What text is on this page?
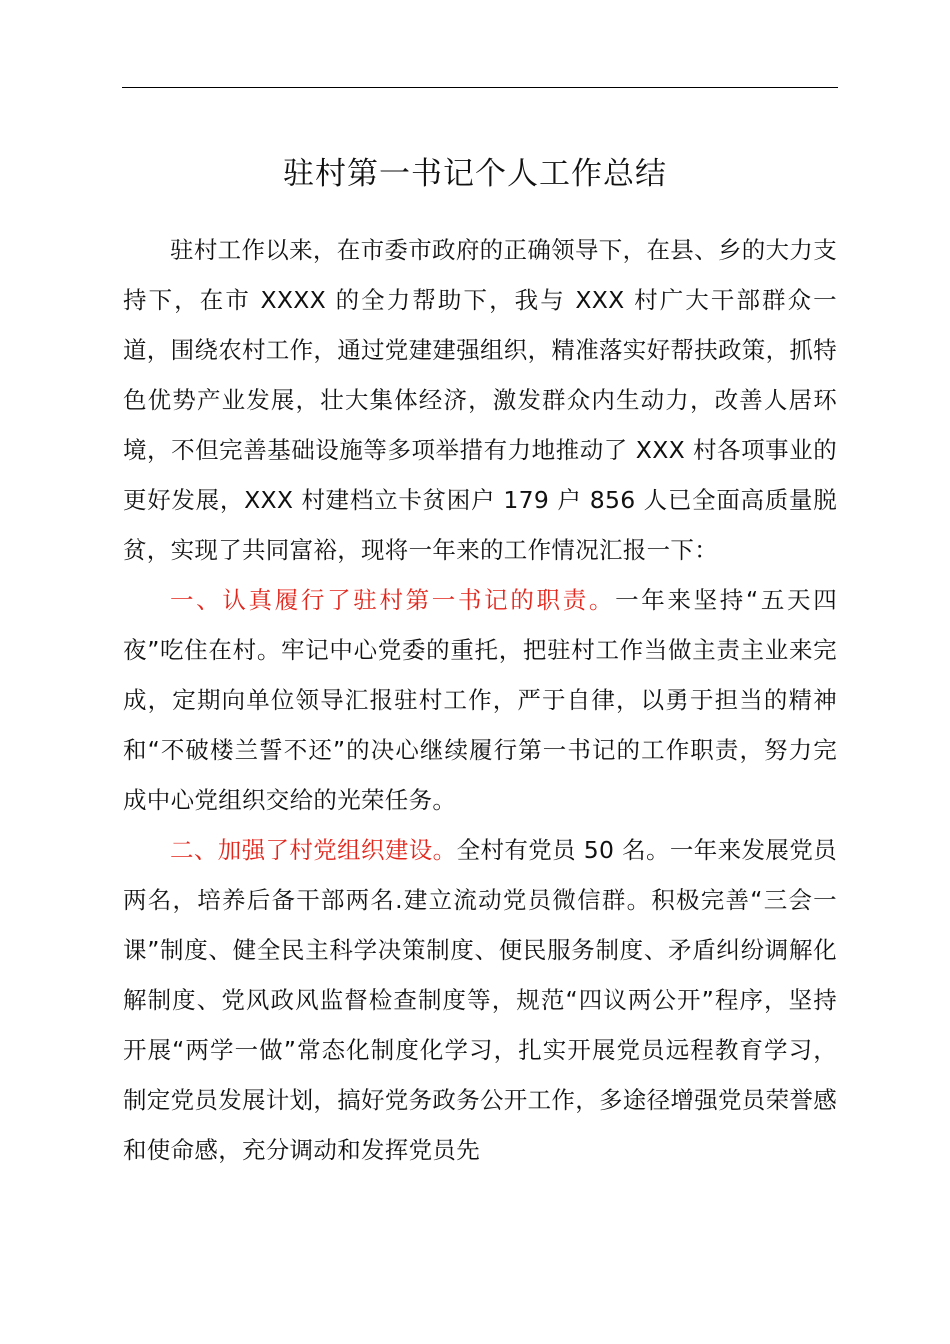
驻村第一书记个人工作总结

驻村工作以来，在市委市政府的正确领导下，在县、乡的大力支持下，在市 XXXX 的全力帮助下，我与 XXX 村广大干部群众一道，围绕农村工作，通过党建建强组织，精准落实好帮扶政策，抓特色优势产业发展，壮大集体经济，激发群众内生动力，改善人居环境，不但完善基础设施等多项举措有力地推动了 XXX 村各项事业的更好发展，XXX 村建档立卡贫困户 179 户 856 人已全面高质量脱贫，实现了共同富裕，现将一年来的工作情况汇报一下：

一、认真履行了驻村第一书记的职责。一年来坚持“五天四夜”吃住在村。牢记中心党委的重托，把驻村工作当做主责主业来完成，定期向单位领导汇报驻村工作，严于自律，以勇于担当的精神和“不破楼兰誓不还”的决心继续履行第一书记的工作职责，努力完成中心党组织交给的光荣任务。

二、加强了村党组织建设。全村有党员 50 名。一年来发展党员两名，培养后备干部两名.建立流动党员微信群。积极完善“三会一课”制度、健全民主科学决策制度、便民服务制度、矛盾纠纷调解化解制度、党风政风监督检查制度等，规范“四议两公开”程序，坚持开展“两学一做”常态化制度化学习，扎实开展党员远程教育学习，制定党员发展计划，搞好党务政务公开工作，多途径增强党员荣誉感和使命感，充分调动和发挥党员先
